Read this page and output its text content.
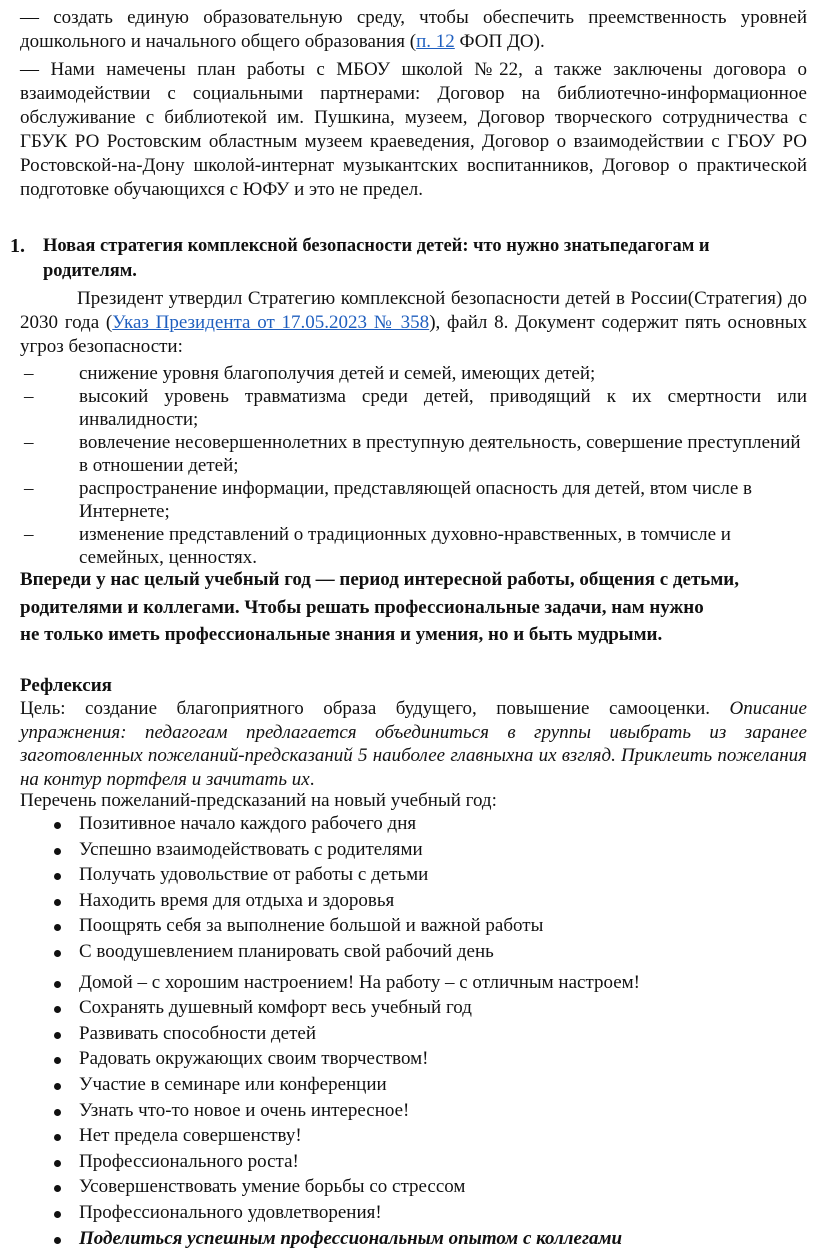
— создать единую образовательную среду, чтобы обеспечить преемственность уровней дошкольного и начального общего образования (п. 12 ФОП ДО).

— Нами намечены план работы с МБОУ школой №22, а также заключены договора о взаимодействии с социальными партнерами: Договор на библиотечно-информационное обслуживание с библиотекой им. Пушкина, музеем, Договор творческого сотрудничества с ГБУК РО Ростовским областным музеем краеведения, Договор о взаимодействии с ГБОУ РО Ростовской-на-Дону школой-интернат музыкантских воспитанников, Договор о практической подготовке обучающихся с ЮФУ и это не предел.

1. Новая стратегия комплексной безопасности детей: что нужно знатьпедагогам и родителям.

Президент утвердил Стратегию комплексной безопасности детей в России(Стратегия) до 2030 года (Указ Президента от 17.05.2023 № 358), файл 8. Документ содержит пять основных угроз безопасности:

– снижение уровня благополучия детей и семей, имеющих детей;
– высокий уровень травматизма среди детей, приводящий к их смертности или инвалидности;
– вовлечение несовершеннолетних в преступную деятельность, совершение преступлений в отношении детей;
– распространение информации, представляющей опасность для детей, втом числе в Интернете;
– изменение представлений о традиционных духовно-нравственных, в томчисле и семейных, ценностях.

Впереди у нас целый учебный год — период интересной работы, общения с детьми,

родителями и коллегами. Чтобы решать профессиональные задачи, нам нужно

не только иметь профессиональные знания и умения, но и быть мудрыми.

Рефлексия

Цель: создание благоприятного образа будущего, повышение самооценки. Описание упражнения: педагогам предлагается объединиться в группы ивыбрать из заранее заготовленных пожеланий-предсказаний 5 наиболее главныхна их взгляд. Приклеить пожелания на контур портфеля и зачитать их.

Перечень пожеланий-предсказаний на новый учебный год:

Позитивное начало каждого рабочего дня
Успешно взаимодействовать с родителями
Получать удовольствие от работы с детьми
Находить время для отдыха и здоровья
Поощрять себя за выполнение большой и важной работы
С воодушевлением планировать свой рабочий день
Домой – с хорошим настроением! На работу – с отличным настроем!
Сохранять душевный комфорт весь учебный год
Развивать способности детей
Радовать окружающих своим творчеством!
Участие в семинаре или конференции
Узнать что-то новое и очень интересное!
Нет предела совершенству!
Профессионального роста!
Усовершенствовать умение борьбы со стрессом
Профессионального удовлетворения!
Поделиться успешным профессиональным опытом с коллегами
